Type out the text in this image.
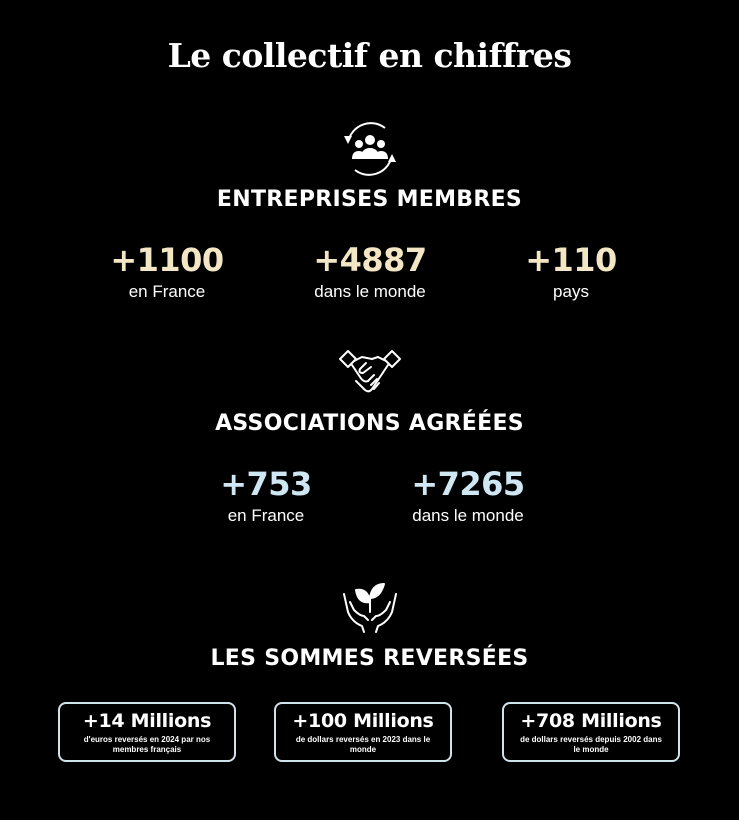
Le collectif en chiffres
ENTREPRISES MEMBRES
+1100
en France
+4887
dans le monde
+110
pays
ASSOCIATIONS AGRÉÉES
+753
en France
+7265
dans le monde
LES SOMMES REVERSÉES
+14 Millions
d'euros reversés en 2024 par nos membres français
+100 Millions
de dollars reversés en 2023 dans le monde
+708 Millions
de dollars reversés depuis 2002 dans le monde
